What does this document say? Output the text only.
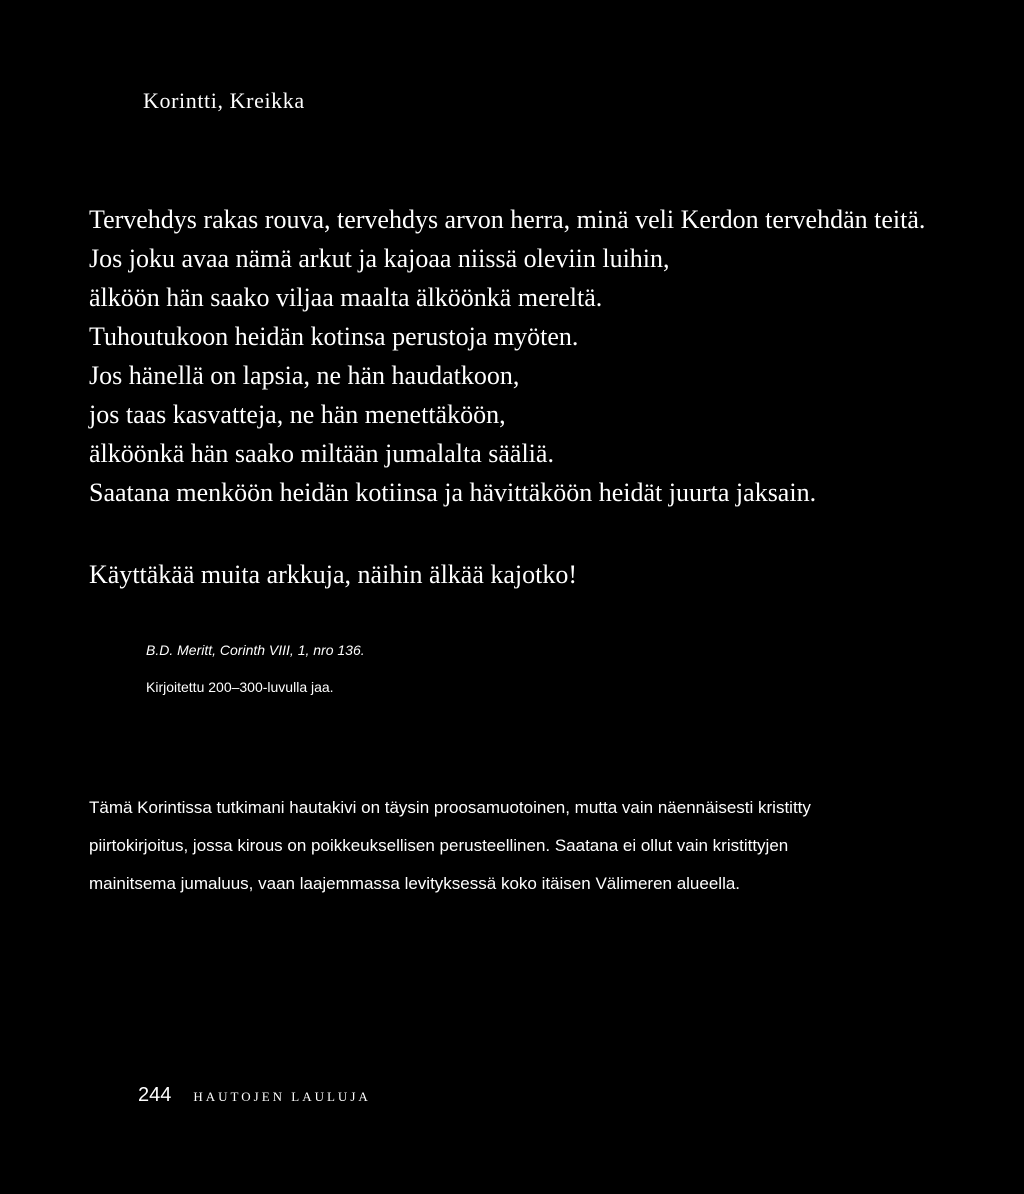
Korintti, Kreikka
Tervehdys rakas rouva, tervehdys arvon herra, minä veli Kerdon tervehdän teitä.
Jos joku avaa nämä arkut ja kajoaa niissä oleviin luihin,
älköön hän saako viljaa maalta älköönkä mereltä.
Tuhoutukoon heidän kotinsa perustoja myöten.
Jos hänellä on lapsia, ne hän haudatkoon,
jos taas kasvatteja, ne hän menettäköön,
älköönkä hän saako miltään jumalalta sääliä.
Saatana menköön heidän kotiinsa ja hävittäköön heidät juurta jaksain.
Käyttäkää muita arkkuja, näihin älkää kajotko!
B.D. Meritt, Corinth VIII, 1, nro 136.
Kirjoitettu 200–300-luvulla jaa.
Tämä Korintissa tutkimani hautakivi on täysin proosamuotoinen, mutta vain näennäisesti kristitty
piirtokirjoitus, jossa kirous on poikkeuksellisen perusteellinen. Saatana ei ollut vain kristittyjen
mainitsema jumaluus, vaan laajemmassa levityksessä koko itäisen Välimeren alueella.
244 HAUTOJEN LAULUJA
